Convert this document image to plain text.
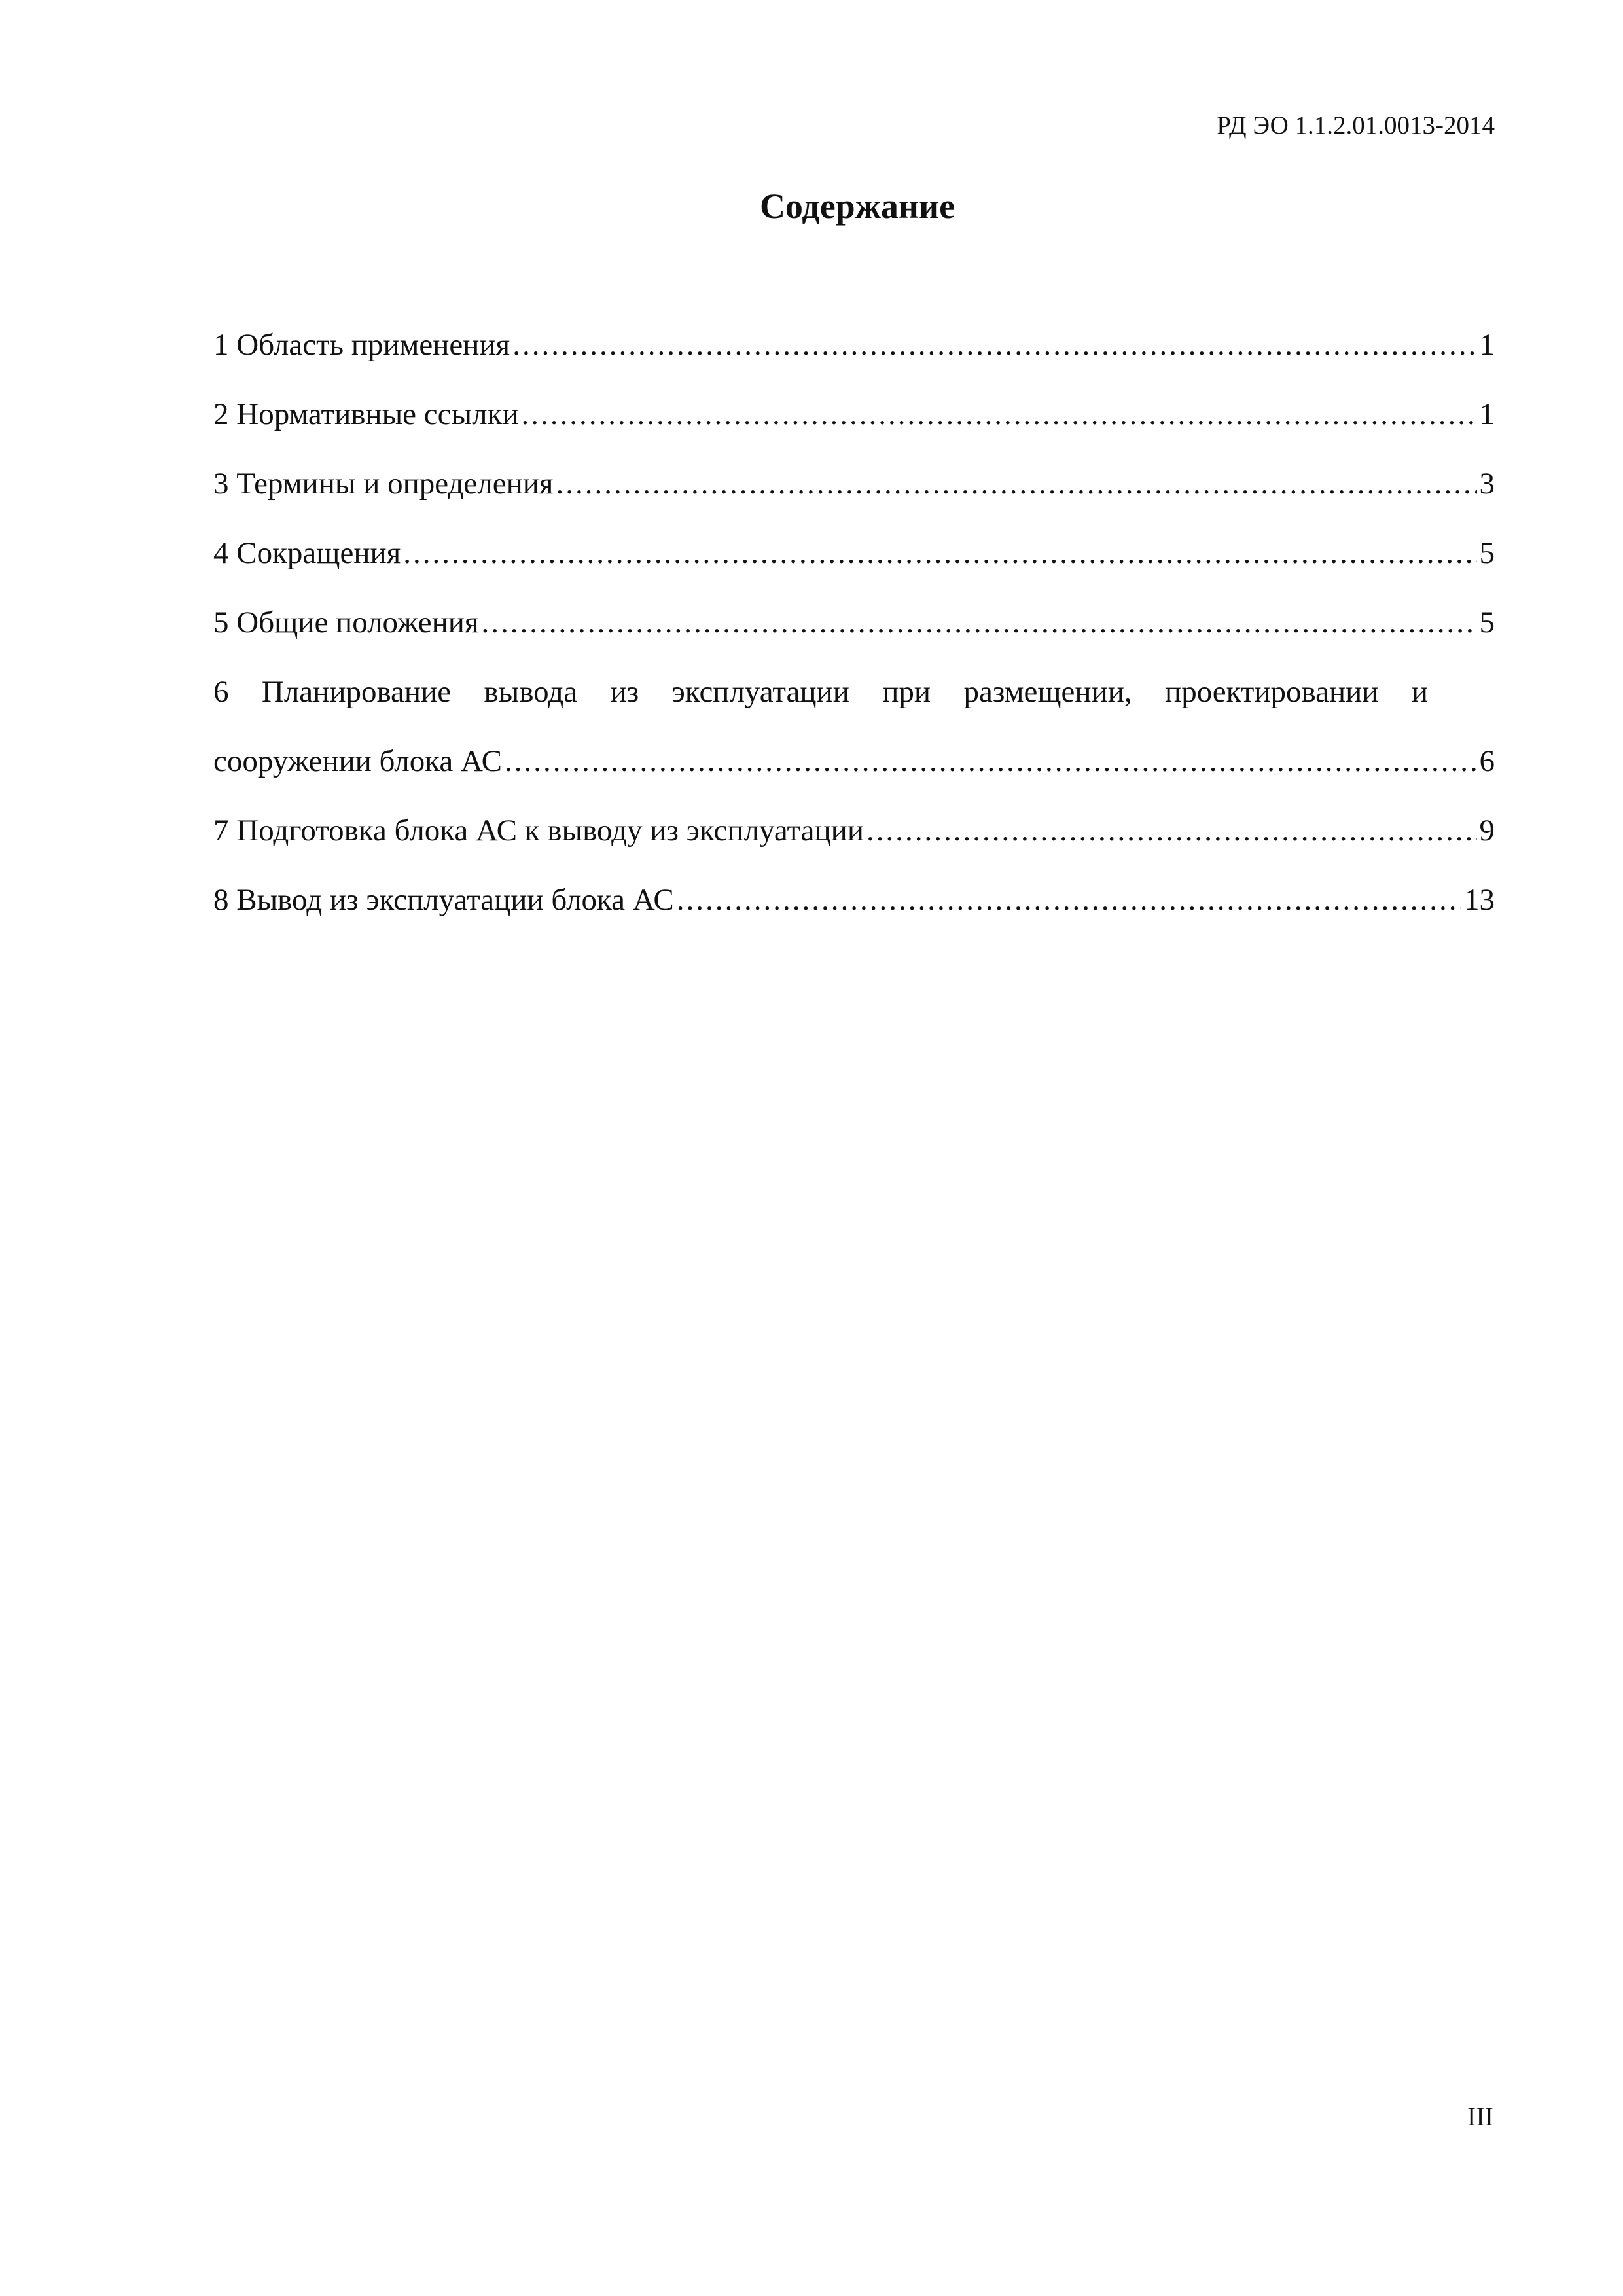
РД ЭО 1.1.2.01.0013-2014
Содержание
1 Область применения .....	1
2 Нормативные ссылки .....	1
3 Термины и определения .....	3
4 Сокращения .....	5
5 Общие положения .....	5
6 Планирование вывода из эксплуатации при размещении, проектировании и
сооружении блока АС .....	6
7 Подготовка блока АС к выводу из эксплуатации .....	9
8 Вывод из эксплуатации блока АС .....	13
III
